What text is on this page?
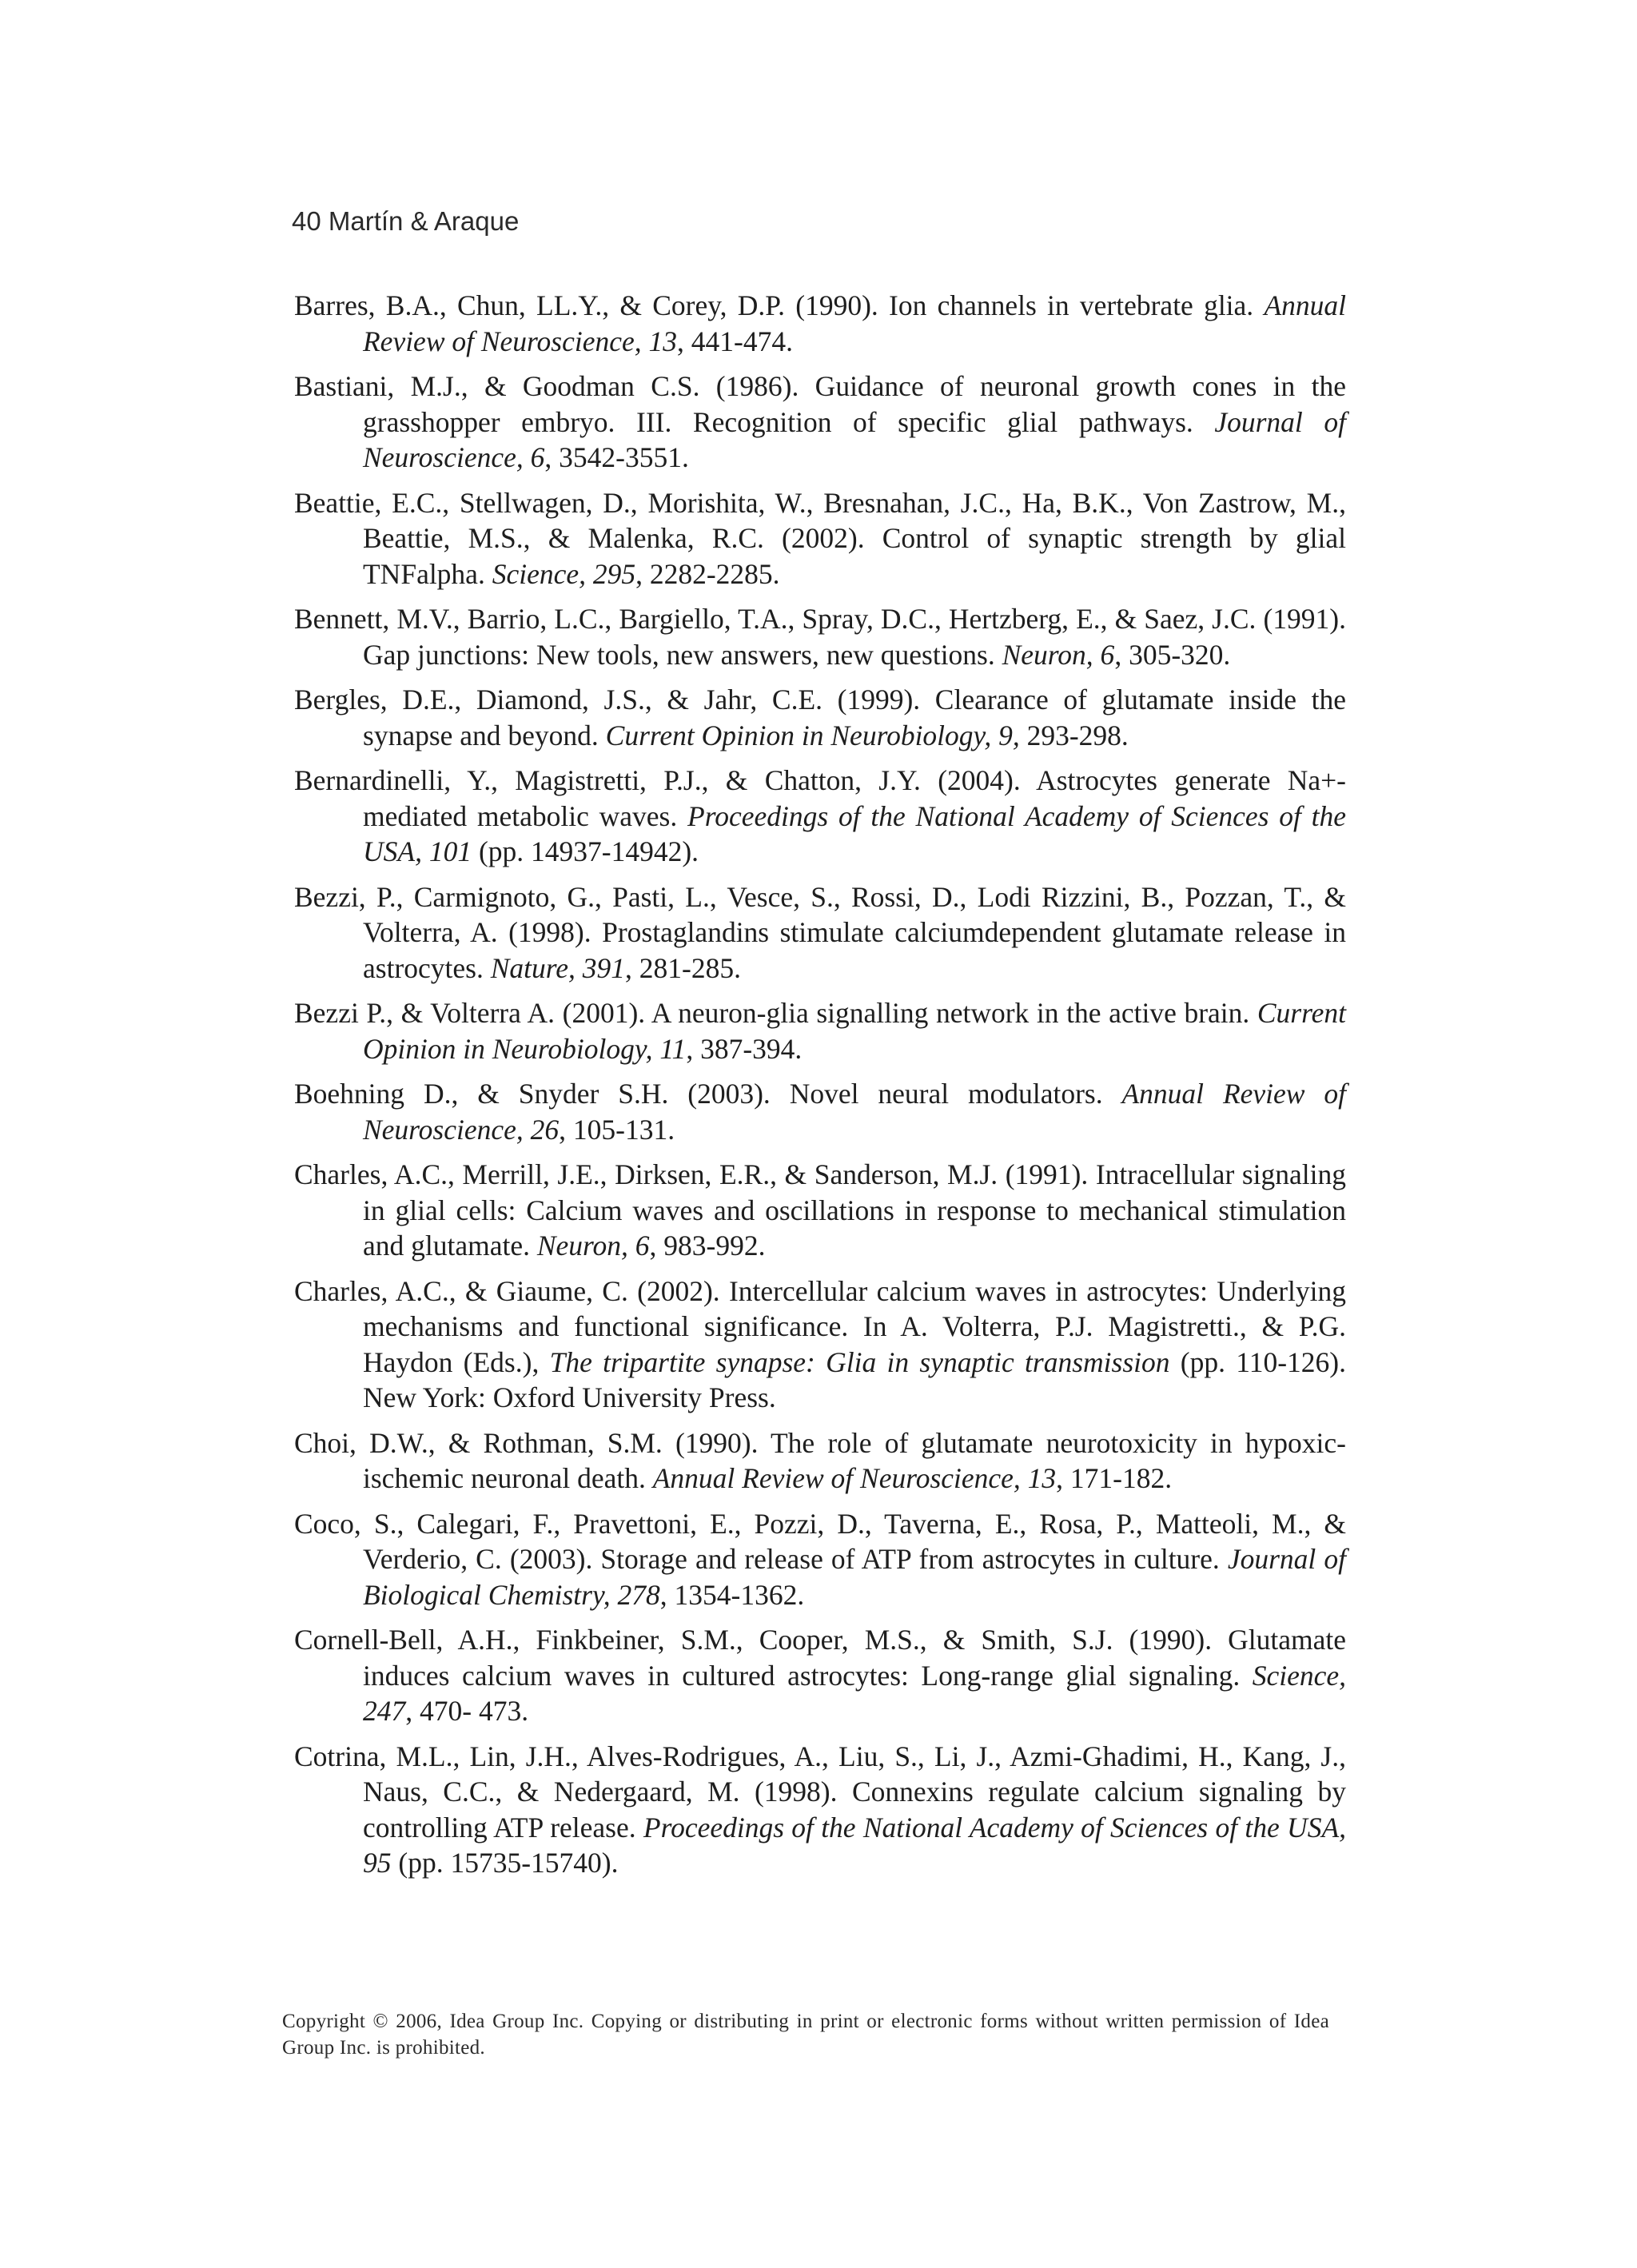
40 Martín & Araque

Barres, B.A., Chun, LL.Y., & Corey, D.P. (1990). Ion channels in vertebrate glia. Annual Review of Neuroscience, 13, 441-474.

Bastiani, M.J., & Goodman C.S. (1986). Guidance of neuronal growth cones in the grasshopper embryo. III. Recognition of specific glial pathways. Journal of Neuroscience, 6, 3542-3551.

Beattie, E.C., Stellwagen, D., Morishita, W., Bresnahan, J.C., Ha, B.K., Von Zastrow, M., Beattie, M.S., & Malenka, R.C. (2002). Control of synaptic strength by glial TNFalpha. Science, 295, 2282-2285.

Bennett, M.V., Barrio, L.C., Bargiello, T.A., Spray, D.C., Hertzberg, E., & Saez, J.C. (1991). Gap junctions: New tools, new answers, new questions. Neuron, 6, 305-320.

Bergles, D.E., Diamond, J.S., & Jahr, C.E. (1999). Clearance of glutamate inside the synapse and beyond. Current Opinion in Neurobiology, 9, 293-298.

Bernardinelli, Y., Magistretti, P.J., & Chatton, J.Y. (2004). Astrocytes generate Na+-mediated metabolic waves. Proceedings of the National Academy of Sciences of the USA, 101 (pp. 14937-14942).

Bezzi, P., Carmignoto, G., Pasti, L., Vesce, S., Rossi, D., Lodi Rizzini, B., Pozzan, T., & Volterra, A. (1998). Prostaglandins stimulate calciumdependent glutamate release in astrocytes. Nature, 391, 281-285.

Bezzi P., & Volterra A. (2001). A neuron-glia signalling network in the active brain. Current Opinion in Neurobiology, 11, 387-394.

Boehning D., & Snyder S.H. (2003). Novel neural modulators. Annual Review of Neuroscience, 26, 105-131.

Charles, A.C., Merrill, J.E., Dirksen, E.R., & Sanderson, M.J. (1991). Intracellular signaling in glial cells: Calcium waves and oscillations in response to mechanical stimulation and glutamate. Neuron, 6, 983-992.

Charles, A.C., & Giaume, C. (2002). Intercellular calcium waves in astrocytes: Underlying mechanisms and functional significance. In A. Volterra, P.J. Magistretti., & P.G. Haydon (Eds.), The tripartite synapse: Glia in synaptic transmission (pp. 110-126). New York: Oxford University Press.

Choi, D.W., & Rothman, S.M. (1990). The role of glutamate neurotoxicity in hypoxic-ischemic neuronal death. Annual Review of Neuroscience, 13, 171-182.

Coco, S., Calegari, F., Pravettoni, E., Pozzi, D., Taverna, E., Rosa, P., Matteoli, M., & Verderio, C. (2003). Storage and release of ATP from astrocytes in culture. Journal of Biological Chemistry, 278, 1354-1362.

Cornell-Bell, A.H., Finkbeiner, S.M., Cooper, M.S., & Smith, S.J. (1990). Glutamate induces calcium waves in cultured astrocytes: Long-range glial signaling. Science, 247, 470- 473.

Cotrina, M.L., Lin, J.H., Alves-Rodrigues, A., Liu, S., Li, J., Azmi-Ghadimi, H., Kang, J., Naus, C.C., & Nedergaard, M. (1998). Connexins regulate calcium signaling by controlling ATP release. Proceedings of the National Academy of Sciences of the USA, 95 (pp. 15735-15740).

Copyright © 2006, Idea Group Inc. Copying or distributing in print or electronic forms without written permission of Idea Group Inc. is prohibited.
